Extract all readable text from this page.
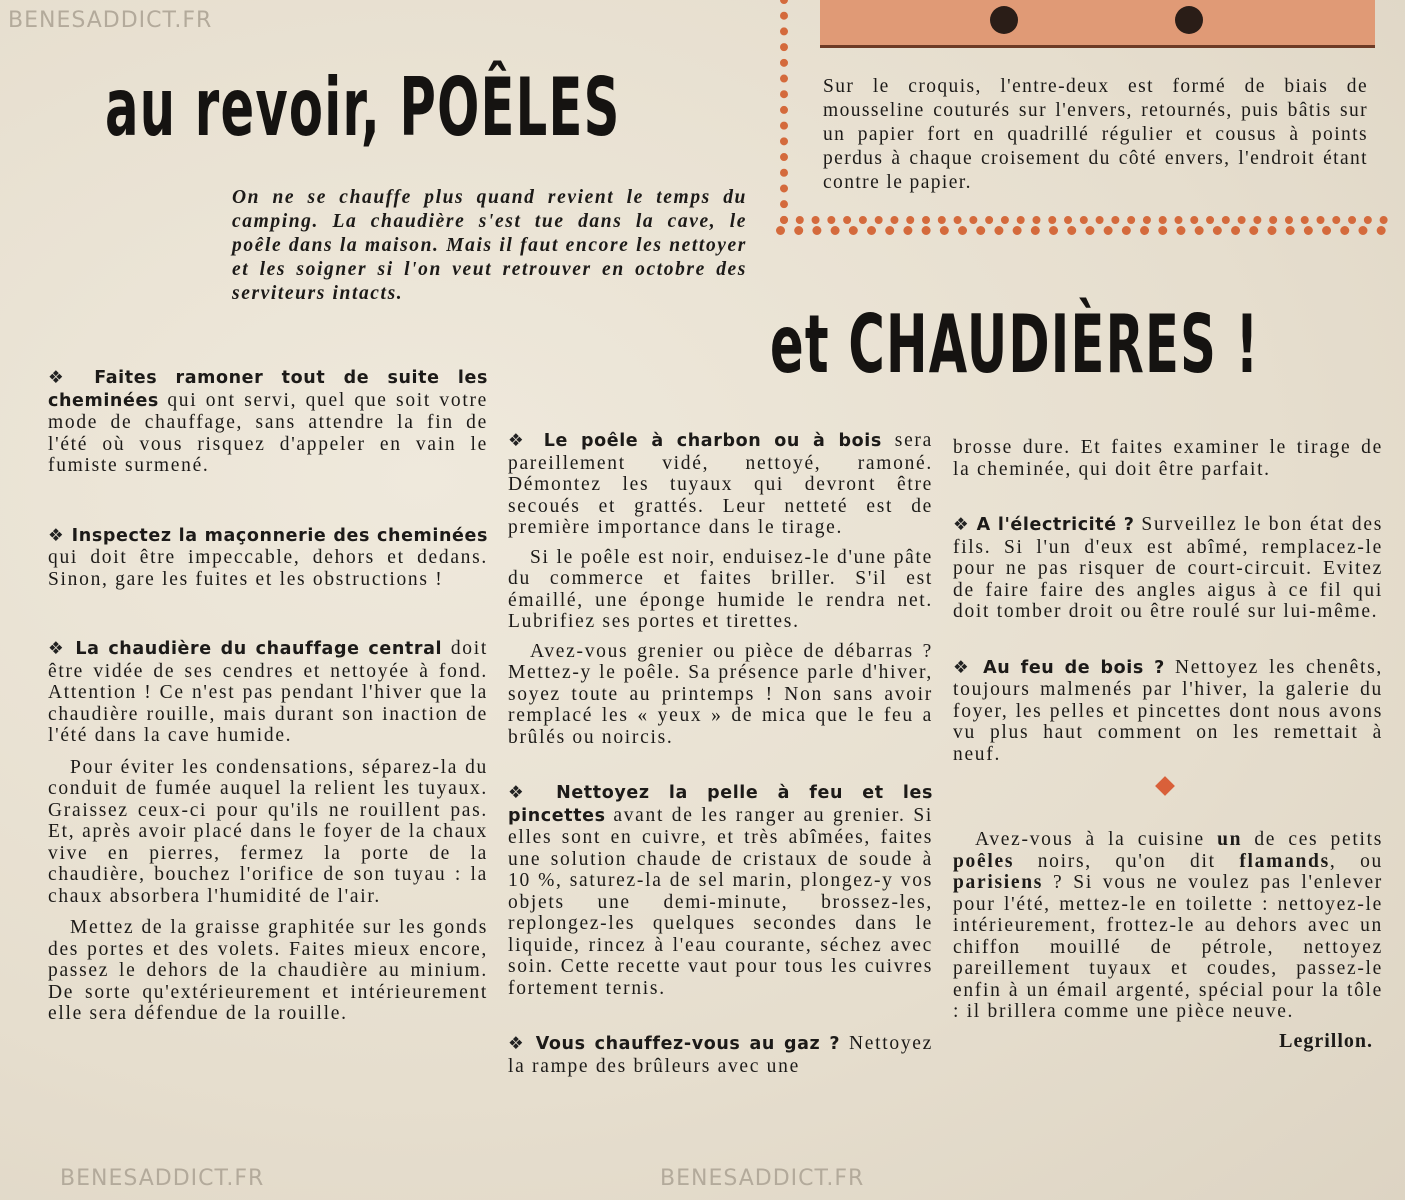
Sur le croquis, l'entre-deux est formé de biais de mousseline couturés sur l'envers, retournés, puis bâtis sur un papier fort en quadrillé régulier et cousus à points perdus à chaque croisement du côté envers, l'endroit étant contre le papier.
au revoir, POÊLES
On ne se chauffe plus quand revient le temps du camping. La chaudière s'est tue dans la cave, le poêle dans la maison. Mais il faut encore les nettoyer et les soigner si l'on veut retrouver en octobre des serviteurs intacts.
et CHAUDIÈRES !

❖ Faites ramoner tout de suite les cheminées qui ont servi, quel que soit votre mode de chauffage, sans attendre la fin de l'été où vous risquez d'appeler en vain le fumiste surmené.

❖ Inspectez la maçonnerie des cheminées qui doit être impeccable, dehors et dedans. Sinon, gare les fuites et les obstructions !

❖ La chaudière du chauffage central doit être vidée de ses cendres et nettoyée à fond. Attention ! Ce n'est pas pendant l'hiver que la chaudière rouille, mais durant son inaction de l'été dans la cave humide.

Pour éviter les condensations, séparez-la du conduit de fumée auquel la relient les tuyaux. Graissez ceux-ci pour qu'ils ne rouillent pas. Et, après avoir placé dans le foyer de la chaux vive en pierres, fermez la porte de la chaudière, bouchez l'orifice de son tuyau : la chaux absorbera l'humidité de l'air.

Mettez de la graisse graphitée sur les gonds des portes et des volets. Faites mieux encore, passez le dehors de la chaudière au minium. De sorte qu'extérieurement et intérieurement elle sera défendue de la rouille.

❖ Le poêle à charbon ou à bois sera pareillement vidé, nettoyé, ramoné. Démontez les tuyaux qui devront être secoués et grattés. Leur netteté est de première importance dans le tirage.

Si le poêle est noir, enduisez-le d'une pâte du commerce et faites briller. S'il est émaillé, une éponge humide le rendra net. Lubrifiez ses portes et tirettes.

Avez-vous grenier ou pièce de débarras ? Mettez-y le poêle. Sa présence parle d'hiver, soyez toute au printemps ! Non sans avoir remplacé les « yeux » de mica que le feu a brûlés ou noircis.

❖ Nettoyez la pelle à feu et les pincettes avant de les ranger au grenier. Si elles sont en cuivre, et très abîmées, faites une solution chaude de cristaux de soude à 10 %, saturez-la de sel marin, plongez-y vos objets une demi-minute, brossez-les, replongez-les quelques secondes dans le liquide, rincez à l'eau courante, séchez avec soin. Cette recette vaut pour tous les cuivres fortement ternis.

❖ Vous chauffez-vous au gaz ? Nettoyez la rampe des brûleurs avec une

brosse dure. Et faites examiner le tirage de la cheminée, qui doit être parfait.

❖ A l'électricité ? Surveillez le bon état des fils. Si l'un d'eux est abîmé, remplacez-le pour ne pas risquer de court-circuit. Evitez de faire faire des angles aigus à ce fil qui doit tomber droit ou être roulé sur lui-même.

❖ Au feu de bois ? Nettoyez les chenêts, toujours malmenés par l'hiver, la galerie du foyer, les pelles et pincettes dont nous avons vu plus haut comment on les remettait à neuf.

Avez-vous à la cuisine un de ces petits poêles noirs, qu'on dit flamands, ou parisiens ? Si vous ne voulez pas l'enlever pour l'été, mettez-le en toilette : nettoyez-le intérieurement, frottez-le au dehors avec un chiffon mouillé de pétrole, nettoyez pareillement tuyaux et coudes, passez-le enfin à un émail argenté, spécial pour la tôle : il brillera comme une pièce neuve.

Legrillon.
BENESADDICT.FR
BENESADDICT.FR	BENESADDICT.FR
